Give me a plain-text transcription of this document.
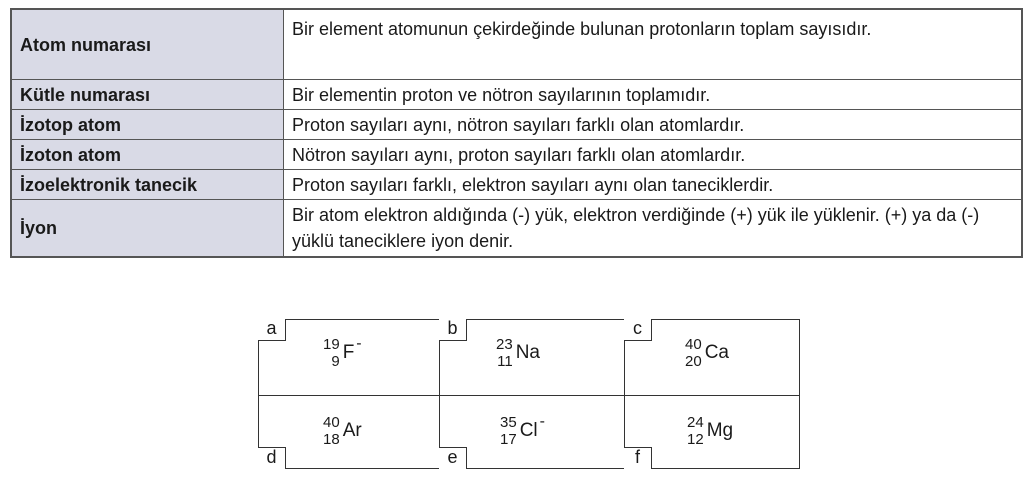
Atom numarası	Bir element atomunun çekirdeğinde bulunan protonların toplam sayısıdır.
Kütle numarası	Bir elementin proton ve nötron sayılarının toplamıdır.
İzotop atom	Proton sayıları aynı, nötron sayıları farklı olan atomlardır.
İzoton atom	Nötron sayıları aynı, proton sayıları farklı olan atomlardır.
İzoelektronik tanecik	Proton sayıları farklı, elektron sayıları aynı olan taneciklerdir.
İyon	Bir atom elektron aldığında (-) yük, elektron verdiğinde (+) yük ile yüklenir. (+) ya da (-) yüklü taneciklere iyon denir.
a
19
9 F -
b
23
11 Na
c
40
20 Ca
d
40
18 Ar
e
35
17 Cl -
f
24
12 Mg
